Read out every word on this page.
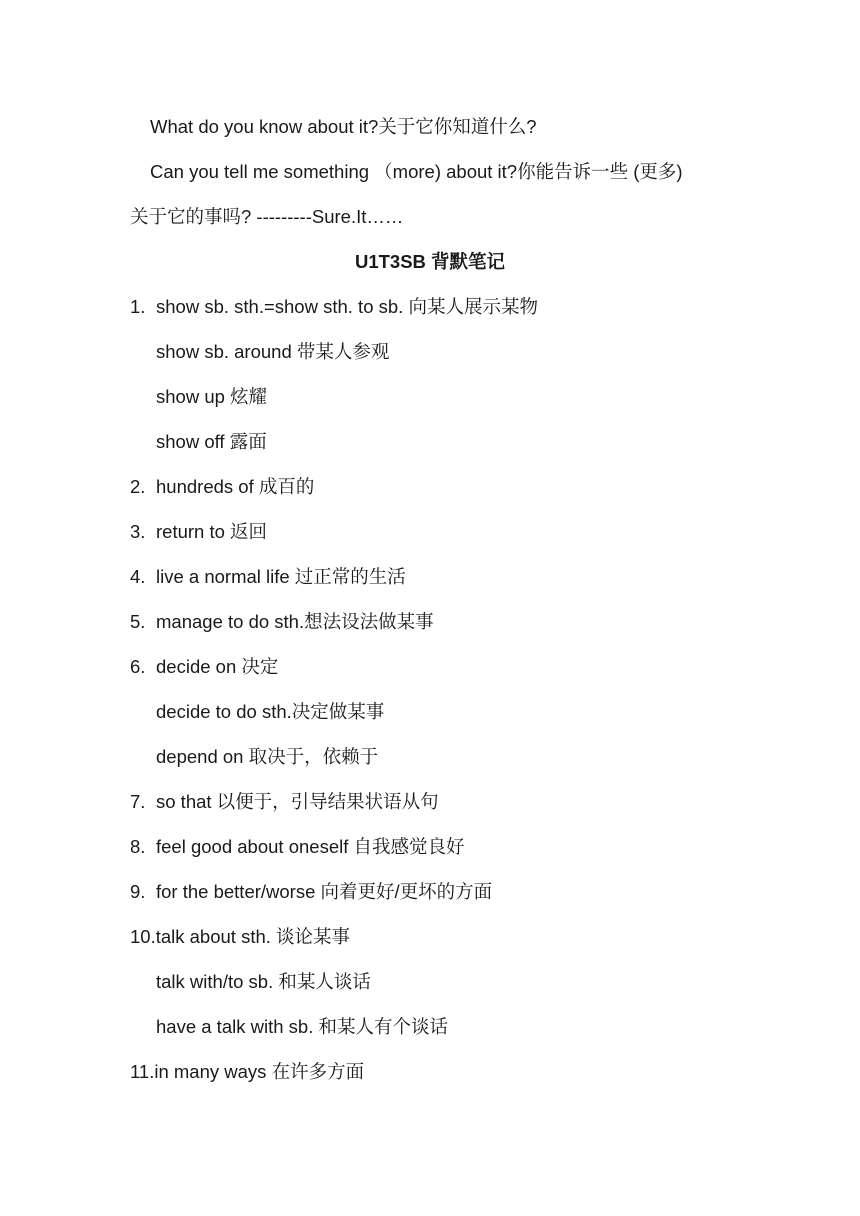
What do you know about it?关于它你知道什么?
Can you tell me something （more) about it?你能告诉一些 (更多)
关于它的事吗? ---------Sure.It……
U1T3SB 背默笔记
1. show sb. sth.=show sth. to sb. 向某人展示某物
show sb. around 带某人参观
show up 炫耀
show off 露面
2. hundreds of 成百的
3. return to 返回
4. live a normal life 过正常的生活
5. manage to do sth.想法设法做某事
6. decide on 决定
decide to do sth.决定做某事
depend on 取决于，依赖于
7. so that 以便于，引导结果状语从句
8. feel good about oneself 自我感觉良好
9. for the better/worse 向着更好/更坏的方面
10.talk about sth. 谈论某事
talk with/to sb. 和某人谈话
have a talk with sb. 和某人有个谈话
11.in many ways 在许多方面
